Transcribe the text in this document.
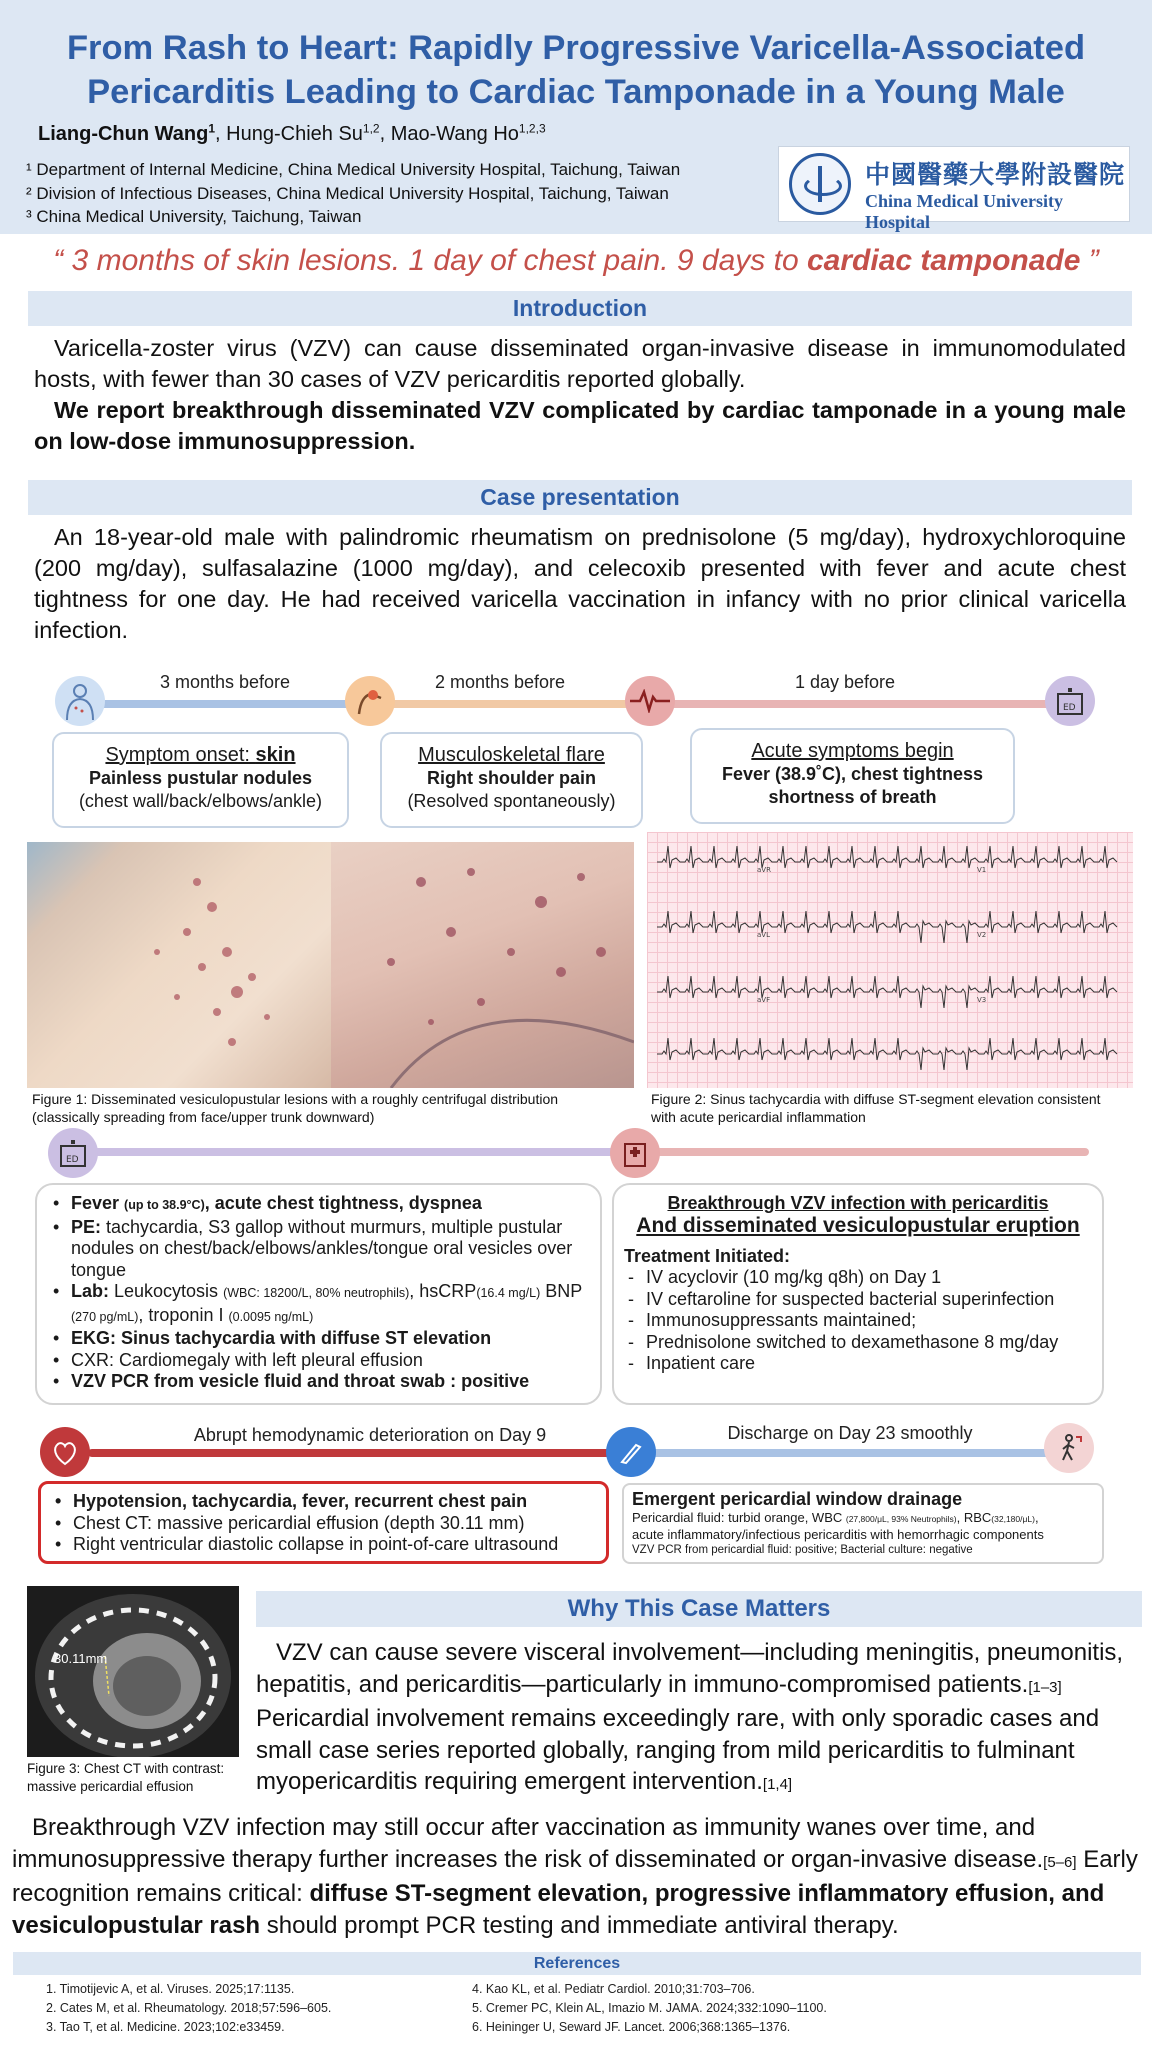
From Rash to Heart: Rapidly Progressive Varicella-Associated
Pericarditis Leading to Cardiac Tamponade in a Young Male
Liang-Chun Wang$^1$, Hung-Chieh Su$^{1,2}$, Mao-Wang Ho$^{1,2,3}$
¹ Department of Internal Medicine, China Medical University Hospital, Taichung, Taiwan
² Division of Infectious Diseases, China Medical University Hospital, Taichung, Taiwan
³ China Medical University, Taichung, Taiwan
中國醫藥大學附設醫院
China Medical University Hospital
“ 3 months of skin lesions. 1 day of chest pain. 9 days to cardiac tamponade ”
Introduction
Varicella-zoster virus (VZV) can cause disseminated organ-invasive disease in immunomodulated hosts, with fewer than 30 cases of VZV pericarditis reported globally.
We report breakthrough disseminated VZV complicated by cardiac tamponade in a young male on low-dose immunosuppression.
Case presentation
An 18-year-old male with palindromic rheumatism on prednisolone (5 mg/day), hydroxychloroquine (200 mg/day), sulfasalazine (1000 mg/day), and celecoxib presented with fever and acute chest tightness for one day. He had received varicella vaccination in infancy with no prior clinical varicella infection.
ED
3 months before	2 months before	1 day before
Symptom onset: skin
Painless pustular nodules
(chest wall/back/elbows/ankle)
Musculoskeletal flare
Right shoulder pain
(Resolved spontaneously)
Acute symptoms begin
Fever (38.9˚C), chest tightness
shortness of breath
aVR	V1
aVL	V2
aVF	V3
Figure 1: Disseminated vesiculopustular lesions with a roughly centrifugal distribution (classically spreading from face/upper trunk downward)
Figure 2: Sinus tachycardia with diffuse ST-segment elevation consistent with acute pericardial inflammation
ED
• Fever (up to 38.9°C), acute chest tightness, dyspnea
• PE: tachycardia, S3 gallop without murmurs, multiple pustular nodules on chest/back/elbows/ankles/tongue oral vesicles over tongue
• Lab: Leukocytosis (WBC: 18200/L, 80% neutrophils), hsCRP(16.4 mg/L) BNP (270 pg/mL), troponin I (0.0095 ng/mL)
• EKG: Sinus tachycardia with diffuse ST elevation
• CXR: Cardiomegaly with left pleural effusion
• VZV PCR from vesicle fluid and throat swab : positive
Breakthrough VZV infection with pericarditis
And disseminated vesiculopustular eruption
Treatment Initiated:
- IV acyclovir (10 mg/kg q8h) on Day 1
- IV ceftaroline for suspected bacterial superinfection
- Immunosuppressants maintained;
- Prednisolone switched to dexamethasone 8 mg/day
- Inpatient care
Abrupt hemodynamic deterioration on Day 9	Discharge on Day 23 smoothly
• Hypotension, tachycardia, fever, recurrent chest pain
• Chest CT: massive pericardial effusion (depth 30.11 mm)
• Right ventricular diastolic collapse in point-of-care ultrasound
Emergent pericardial window drainage
Pericardial fluid: turbid orange, WBC (27,800/μL, 93% Neutrophils), RBC(32,180/μL),
acute inflammatory/infectious pericarditis with hemorrhagic components
VZV PCR from pericardial fluid: positive; Bacterial culture: negative
30.11mm
Figure 3: Chest CT with contrast: massive pericardial effusion
Why This Case Matters
VZV can cause severe visceral involvement—including meningitis, pneumonitis, hepatitis, and pericarditis—particularly in immuno-compromised patients.[1–3] Pericardial involvement remains exceedingly rare, with only sporadic cases and small case series reported globally, ranging from mild pericarditis to fulminant myopericarditis requiring emergent intervention.[1,4]
Breakthrough VZV infection may still occur after vaccination as immunity wanes over time, and immunosuppressive therapy further increases the risk of disseminated or organ-invasive disease.[5–6] Early recognition remains critical: diffuse ST-segment elevation, progressive inflammatory effusion, and vesiculopustular rash should prompt PCR testing and immediate antiviral therapy.
References
1. Timotijevic A, et al. Viruses. 2025;17:1135.
2. Cates M, et al. Rheumatology. 2018;57:596–605.
3. Tao T, et al. Medicine. 2023;102:e33459.
4. Kao KL, et al. Pediatr Cardiol. 2010;31:703–706.
5. Cremer PC, Klein AL, Imazio M. JAMA. 2024;332:1090–1100.
6. Heininger U, Seward JF. Lancet. 2006;368:1365–1376.
